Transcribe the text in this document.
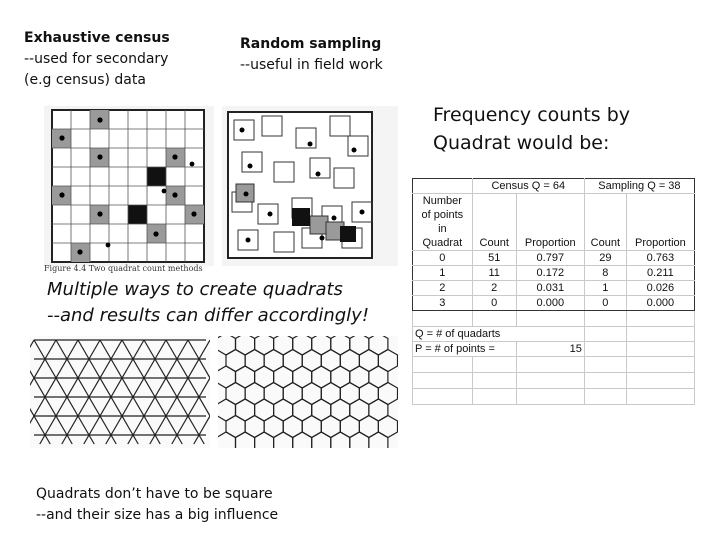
Exhaustive census
--used for secondary
(e.g census) data
Random sampling
--useful in field work
Frequency counts by
Quadrat would be:
Figure 4.4 Two quadrat count methods
Multiple ways to create quadrats
--and results can differ accordingly!
Quadrats don’t have to be square
--and their size has a big influence
	Census Q = 64		Sampling Q = 38	

Number
of points
in
Quadrat	Count	Proportion	Count	Proportion
0	51	0.797	29	0.763
1	11	0.172	8	0.211
2	2	0.031	1	0.026
3	0	0.000	0	0.000

Q = # of quadarts				
P = # of points =		15		
